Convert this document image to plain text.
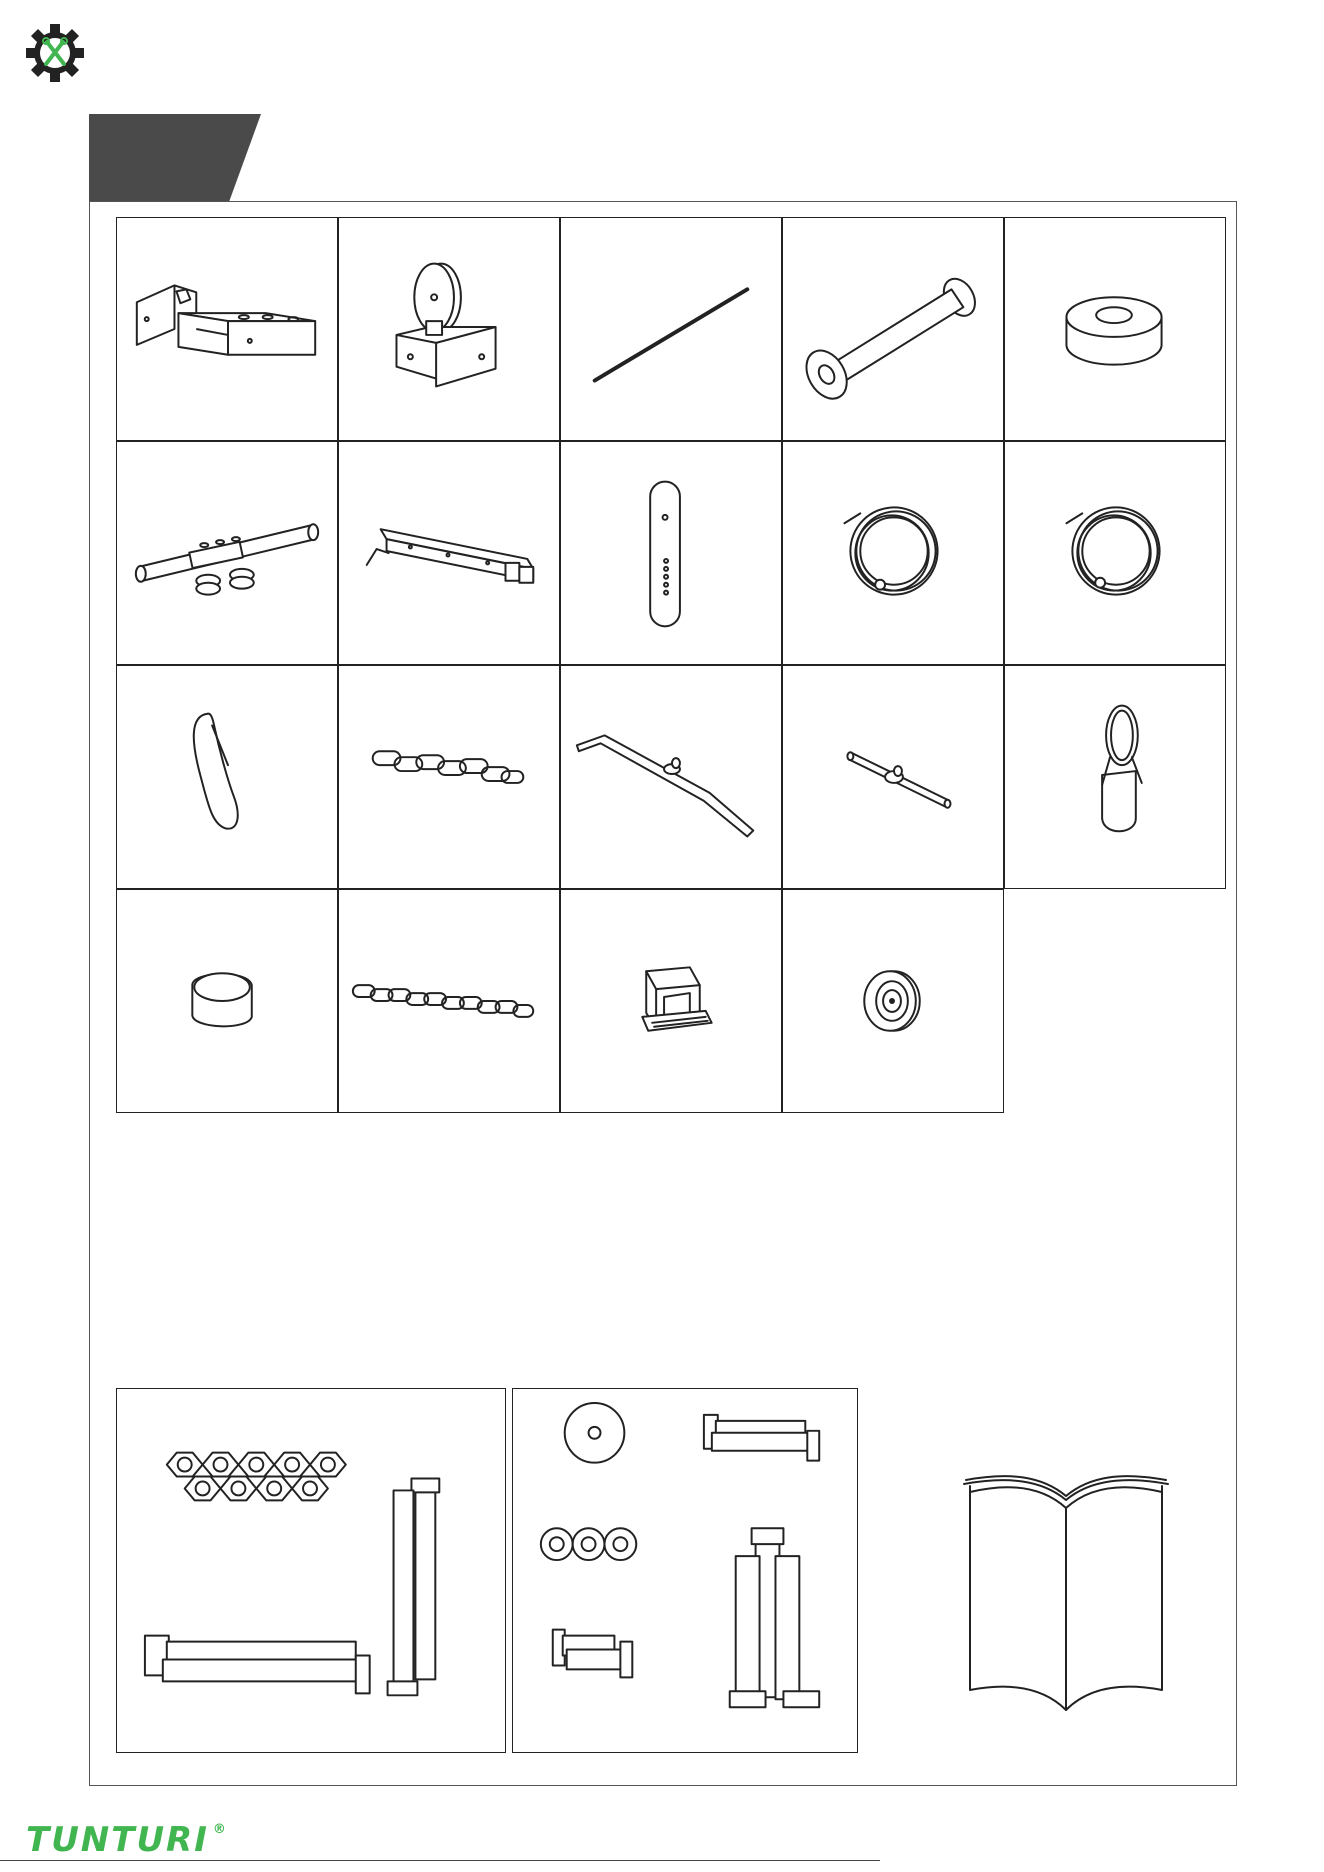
TUNTURI ®
